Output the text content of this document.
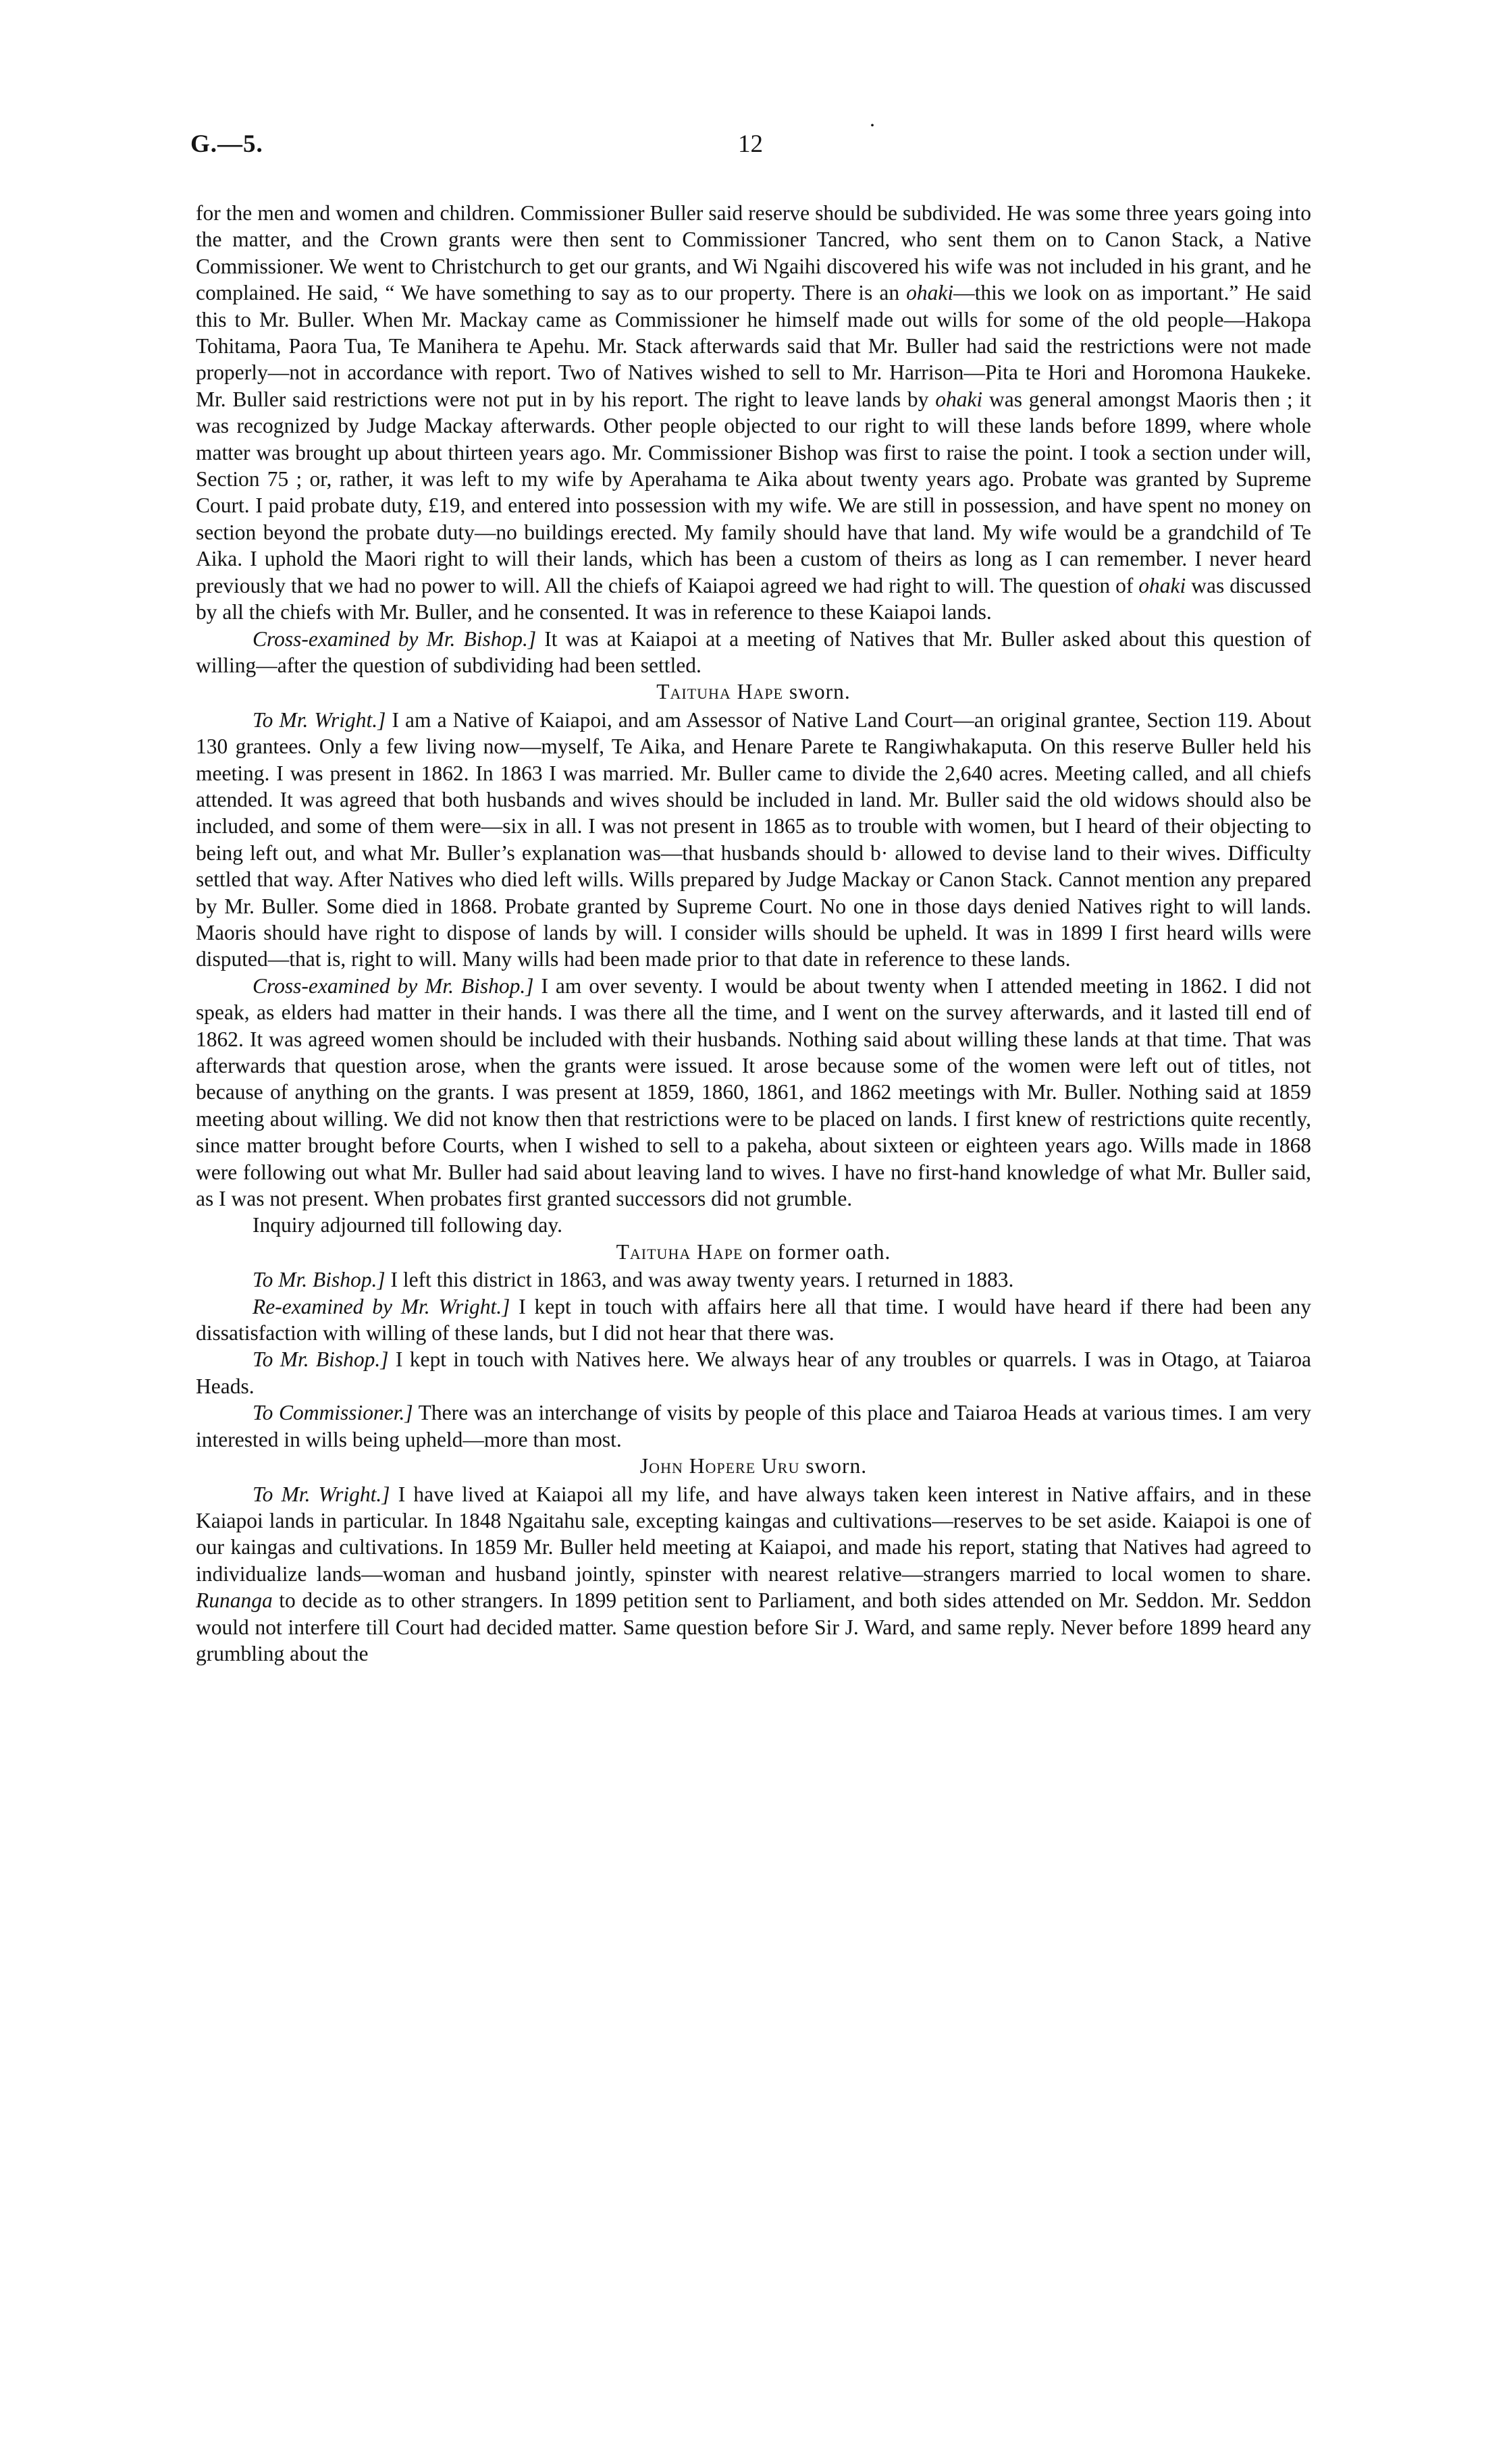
G.—5.	12
.

for the men and women and children. Commissioner Buller said reserve should be subdivided. He was some three years going into the matter, and the Crown grants were then sent to Commissioner Tancred, who sent them on to Canon Stack, a Native Commissioner. We went to Christchurch to get our grants, and Wi Ngaihi discovered his wife was not included in his grant, and he complained. He said, “ We have something to say as to our property. There is an ohaki—this we look on as important.” He said this to Mr. Buller. When Mr. Mackay came as Commissioner he himself made out wills for some of the old people—Hakopa Tohitama, Paora Tua, Te Manihera te Apehu. Mr. Stack afterwards said that Mr. Buller had said the restrictions were not made properly—not in accordance with report. Two of Natives wished to sell to Mr. Harrison—Pita te Hori and Horomona Haukeke. Mr. Buller said restrictions were not put in by his report. The right to leave lands by ohaki was general amongst Maoris then ; it was recognized by Judge Mackay afterwards. Other people objected to our right to will these lands before 1899, where whole matter was brought up about thirteen years ago. Mr. Commissioner Bishop was first to raise the point. I took a section under will, Section 75 ; or, rather, it was left to my wife by Aperahama te Aika about twenty years ago. Probate was granted by Supreme Court. I paid probate duty, £19, and entered into possession with my wife. We are still in possession, and have spent no money on section beyond the probate duty—no buildings erected. My family should have that land. My wife would be a grandchild of Te Aika. I uphold the Maori right to will their lands, which has been a custom of theirs as long as I can remember. I never heard previously that we had no power to will. All the chiefs of Kaiapoi agreed we had right to will. The question of ohaki was discussed by all the chiefs with Mr. Buller, and he consented. It was in reference to these Kaiapoi lands.

Cross-examined by Mr. Bishop.] It was at Kaiapoi at a meeting of Natives that Mr. Buller asked about this question of willing—after the question of subdividing had been settled.

Taituha Hape sworn.

To Mr. Wright.] I am a Native of Kaiapoi, and am Assessor of Native Land Court—an original grantee, Section 119. About 130 grantees. Only a few living now—myself, Te Aika, and Henare Parete te Rangiwhakaputa. On this reserve Buller held his meeting. I was present in 1862. In 1863 I was married. Mr. Buller came to divide the 2,640 acres. Meeting called, and all chiefs attended. It was agreed that both husbands and wives should be included in land. Mr. Buller said the old widows should also be included, and some of them were—six in all. I was not present in 1865 as to trouble with women, but I heard of their objecting to being left out, and what Mr. Buller’s explanation was—that husbands should b· allowed to devise land to their wives. Difficulty settled that way. After Natives who died left wills. Wills prepared by Judge Mackay or Canon Stack. Cannot mention any prepared by Mr. Buller. Some died in 1868. Probate granted by Supreme Court. No one in those days denied Natives right to will lands. Maoris should have right to dispose of lands by will. I consider wills should be upheld. It was in 1899 I first heard wills were disputed—that is, right to will. Many wills had been made prior to that date in reference to these lands.

Cross-examined by Mr. Bishop.] I am over seventy. I would be about twenty when I attended meeting in 1862. I did not speak, as elders had matter in their hands. I was there all the time, and I went on the survey afterwards, and it lasted till end of 1862. It was agreed women should be included with their husbands. Nothing said about willing these lands at that time. That was afterwards that question arose, when the grants were issued. It arose because some of the women were left out of titles, not because of anything on the grants. I was present at 1859, 1860, 1861, and 1862 meetings with Mr. Buller. Nothing said at 1859 meeting about willing. We did not know then that restrictions were to be placed on lands. I first knew of restrictions quite recently, since matter brought before Courts, when I wished to sell to a pakeha, about sixteen or eighteen years ago. Wills made in 1868 were following out what Mr. Buller had said about leaving land to wives. I have no first-hand knowledge of what Mr. Buller said, as I was not present. When probates first granted successors did not grumble.

Inquiry adjourned till following day.

Taituha Hape on former oath.

To Mr. Bishop.] I left this district in 1863, and was away twenty years. I returned in 1883.

Re-examined by Mr. Wright.] I kept in touch with affairs here all that time. I would have heard if there had been any dissatisfaction with willing of these lands, but I did not hear that there was.

To Mr. Bishop.] I kept in touch with Natives here. We always hear of any troubles or quarrels. I was in Otago, at Taiaroa Heads.

To Commissioner.] There was an interchange of visits by people of this place and Taiaroa Heads at various times. I am very interested in wills being upheld—more than most.

John Hopere Uru sworn.

To Mr. Wright.] I have lived at Kaiapoi all my life, and have always taken keen interest in Native affairs, and in these Kaiapoi lands in particular. In 1848 Ngaitahu sale, excepting kaingas and cultivations—reserves to be set aside. Kaiapoi is one of our kaingas and cultivations. In 1859 Mr. Buller held meeting at Kaiapoi, and made his report, stating that Natives had agreed to individualize lands—woman and husband jointly, spinster with nearest relative—strangers married to local women to share. Runanga to decide as to other strangers. In 1899 petition sent to Parliament, and both sides attended on Mr. Seddon. Mr. Seddon would not interfere till Court had decided matter. Same question before Sir J. Ward, and same reply. Never before 1899 heard any grumbling about the
